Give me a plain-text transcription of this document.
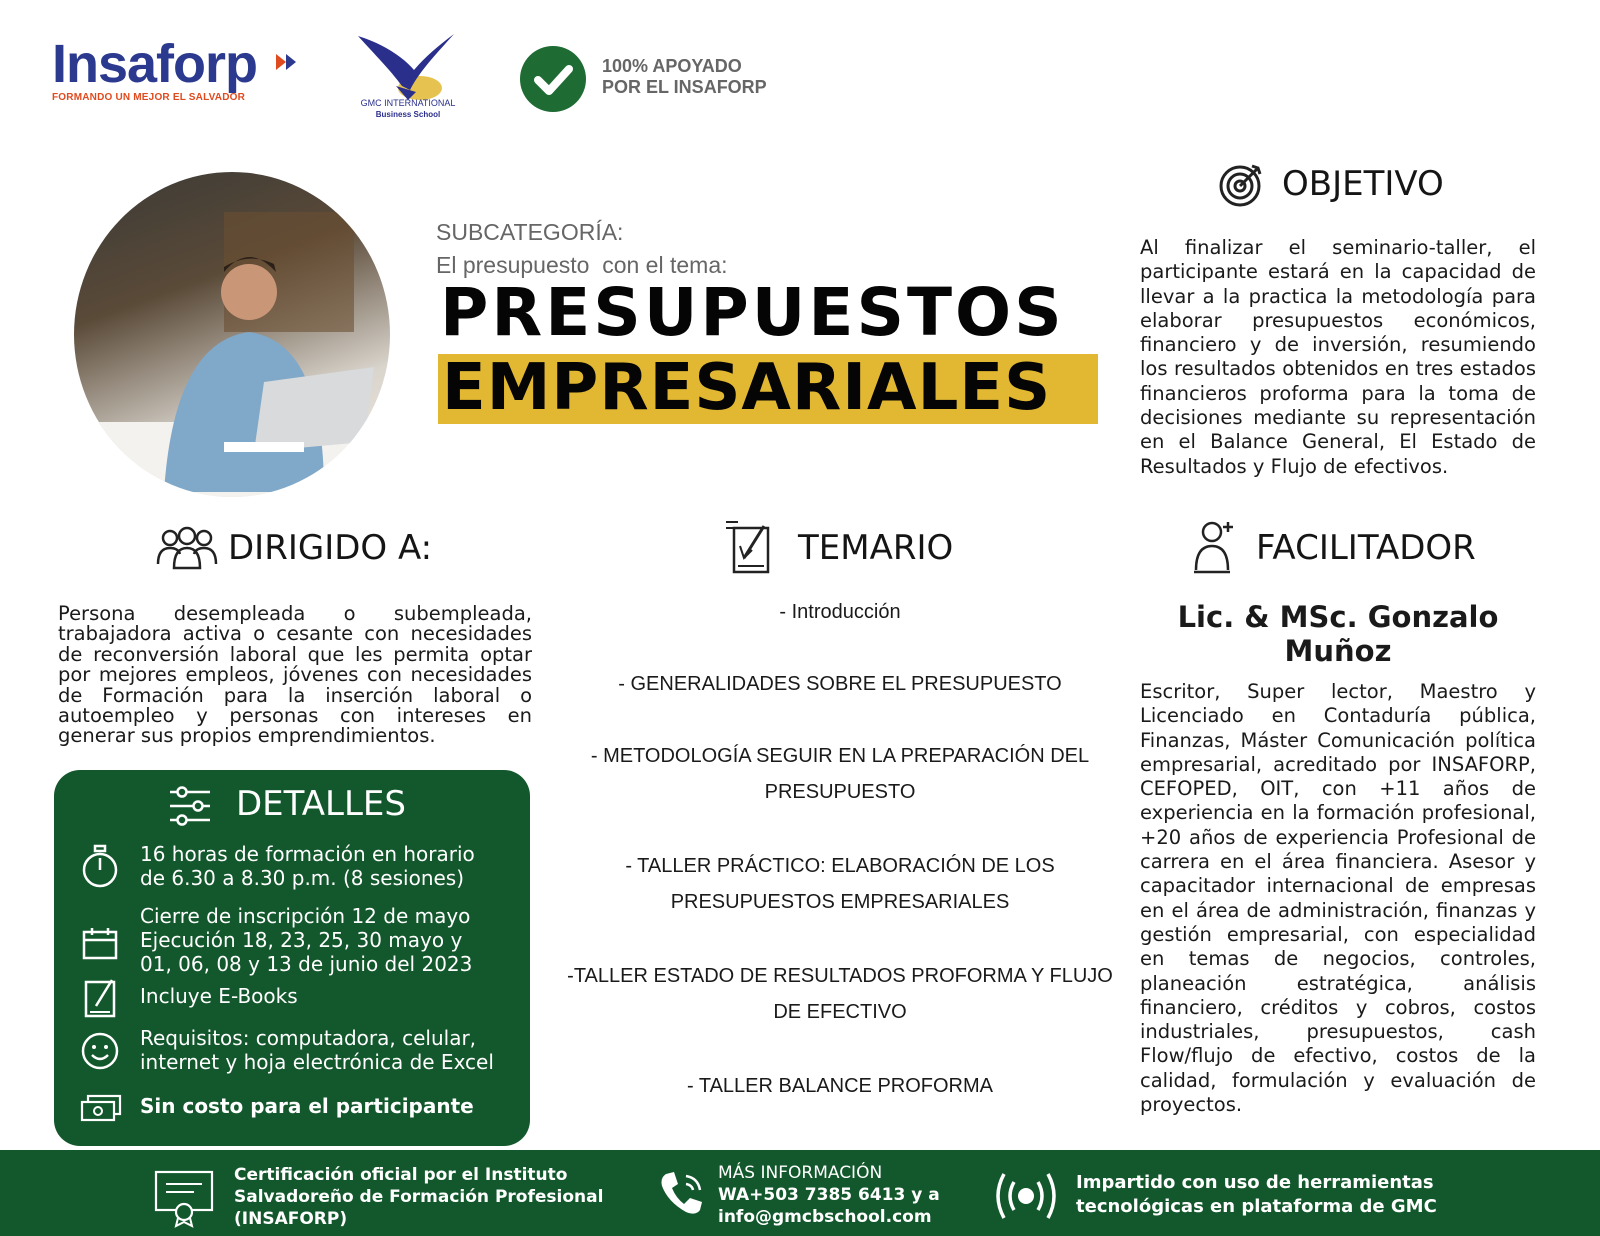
Insaforp
FORMANDO UN MEJOR EL SALVADOR	GMC INTERNATIONAL
Business School
100% APOYADO
POR EL INSAFORP
SUBCATEGORÍA:
El presupuesto  con el tema:
PRESUPUESTOS
EMPRESARIALES
OBJETIVO
Al finalizar el seminario-taller, el participante estará en la capacidad de llevar a la practica la metodología para elaborar presupuestos económicos, financiero y de inversión, resumiendo los resultados obtenidos en tres estados financieros proforma para la toma de decisiones mediante su representación en el Balance General, El Estado de Resultados y Flujo de efectivos.
DIRIGIDO A:
Persona desempleada o subempleada, trabajadora activa o cesante con necesidades de reconversión laboral que les permita optar por mejores empleos, jóvenes con necesidades de Formación para la inserción laboral o autoempleo y personas con intereses en generar sus propios emprendimientos.
TEMARIO
- Introducción
- GENERALIDADES SOBRE EL PRESUPUESTO
- METODOLOGÍA SEGUIR EN LA PREPARACIÓN DEL PRESUPUESTO
- TALLER PRÁCTICO: ELABORACIÓN DE LOS PRESUPUESTOS EMPRESARIALES
-TALLER ESTADO DE RESULTADOS PROFORMA Y FLUJO DE EFECTIVO
- TALLER BALANCE PROFORMA
FACILITADOR
Lic. & MSc. Gonzalo Muñoz
Escritor, Super lector, Maestro y Licenciado en Contaduría pública, Finanzas, Máster Comunicación política empresarial, acreditado por INSAFORP, CEFOPED, OIT, con +11 años de experiencia en la formación profesional, +20 años de experiencia Profesional de carrera en el área financiera. Asesor y capacitador internacional de empresas en el área de administración, finanzas y gestión empresarial, con especialidad en temas de negocios, controles, planeación estratégica, análisis financiero, créditos y cobros, costos industriales, presupuestos, cash Flow/flujo de efectivo, costos de la calidad, formulación y evaluación de proyectos.
DETALLES
16 horas de formación en horario
de 6.30 a 8.30 p.m. (8 sesiones)
Cierre de inscripción 12 de mayo
Ejecución 18, 23, 25, 30 mayo y
01, 06, 08 y 13 de junio del 2023
Incluye E-Books
Requisitos: computadora, celular,
internet y hoja electrónica de Excel
Sin costo para el participante
Certificación oficial por el Instituto
Salvadoreño de Formación Profesional
(INSAFORP)
MÁS INFORMACIÓN
WA+503 7385 6413 y a
info@gmcbschool.com
Impartido con uso de herramientas
tecnológicas en plataforma de GMC
